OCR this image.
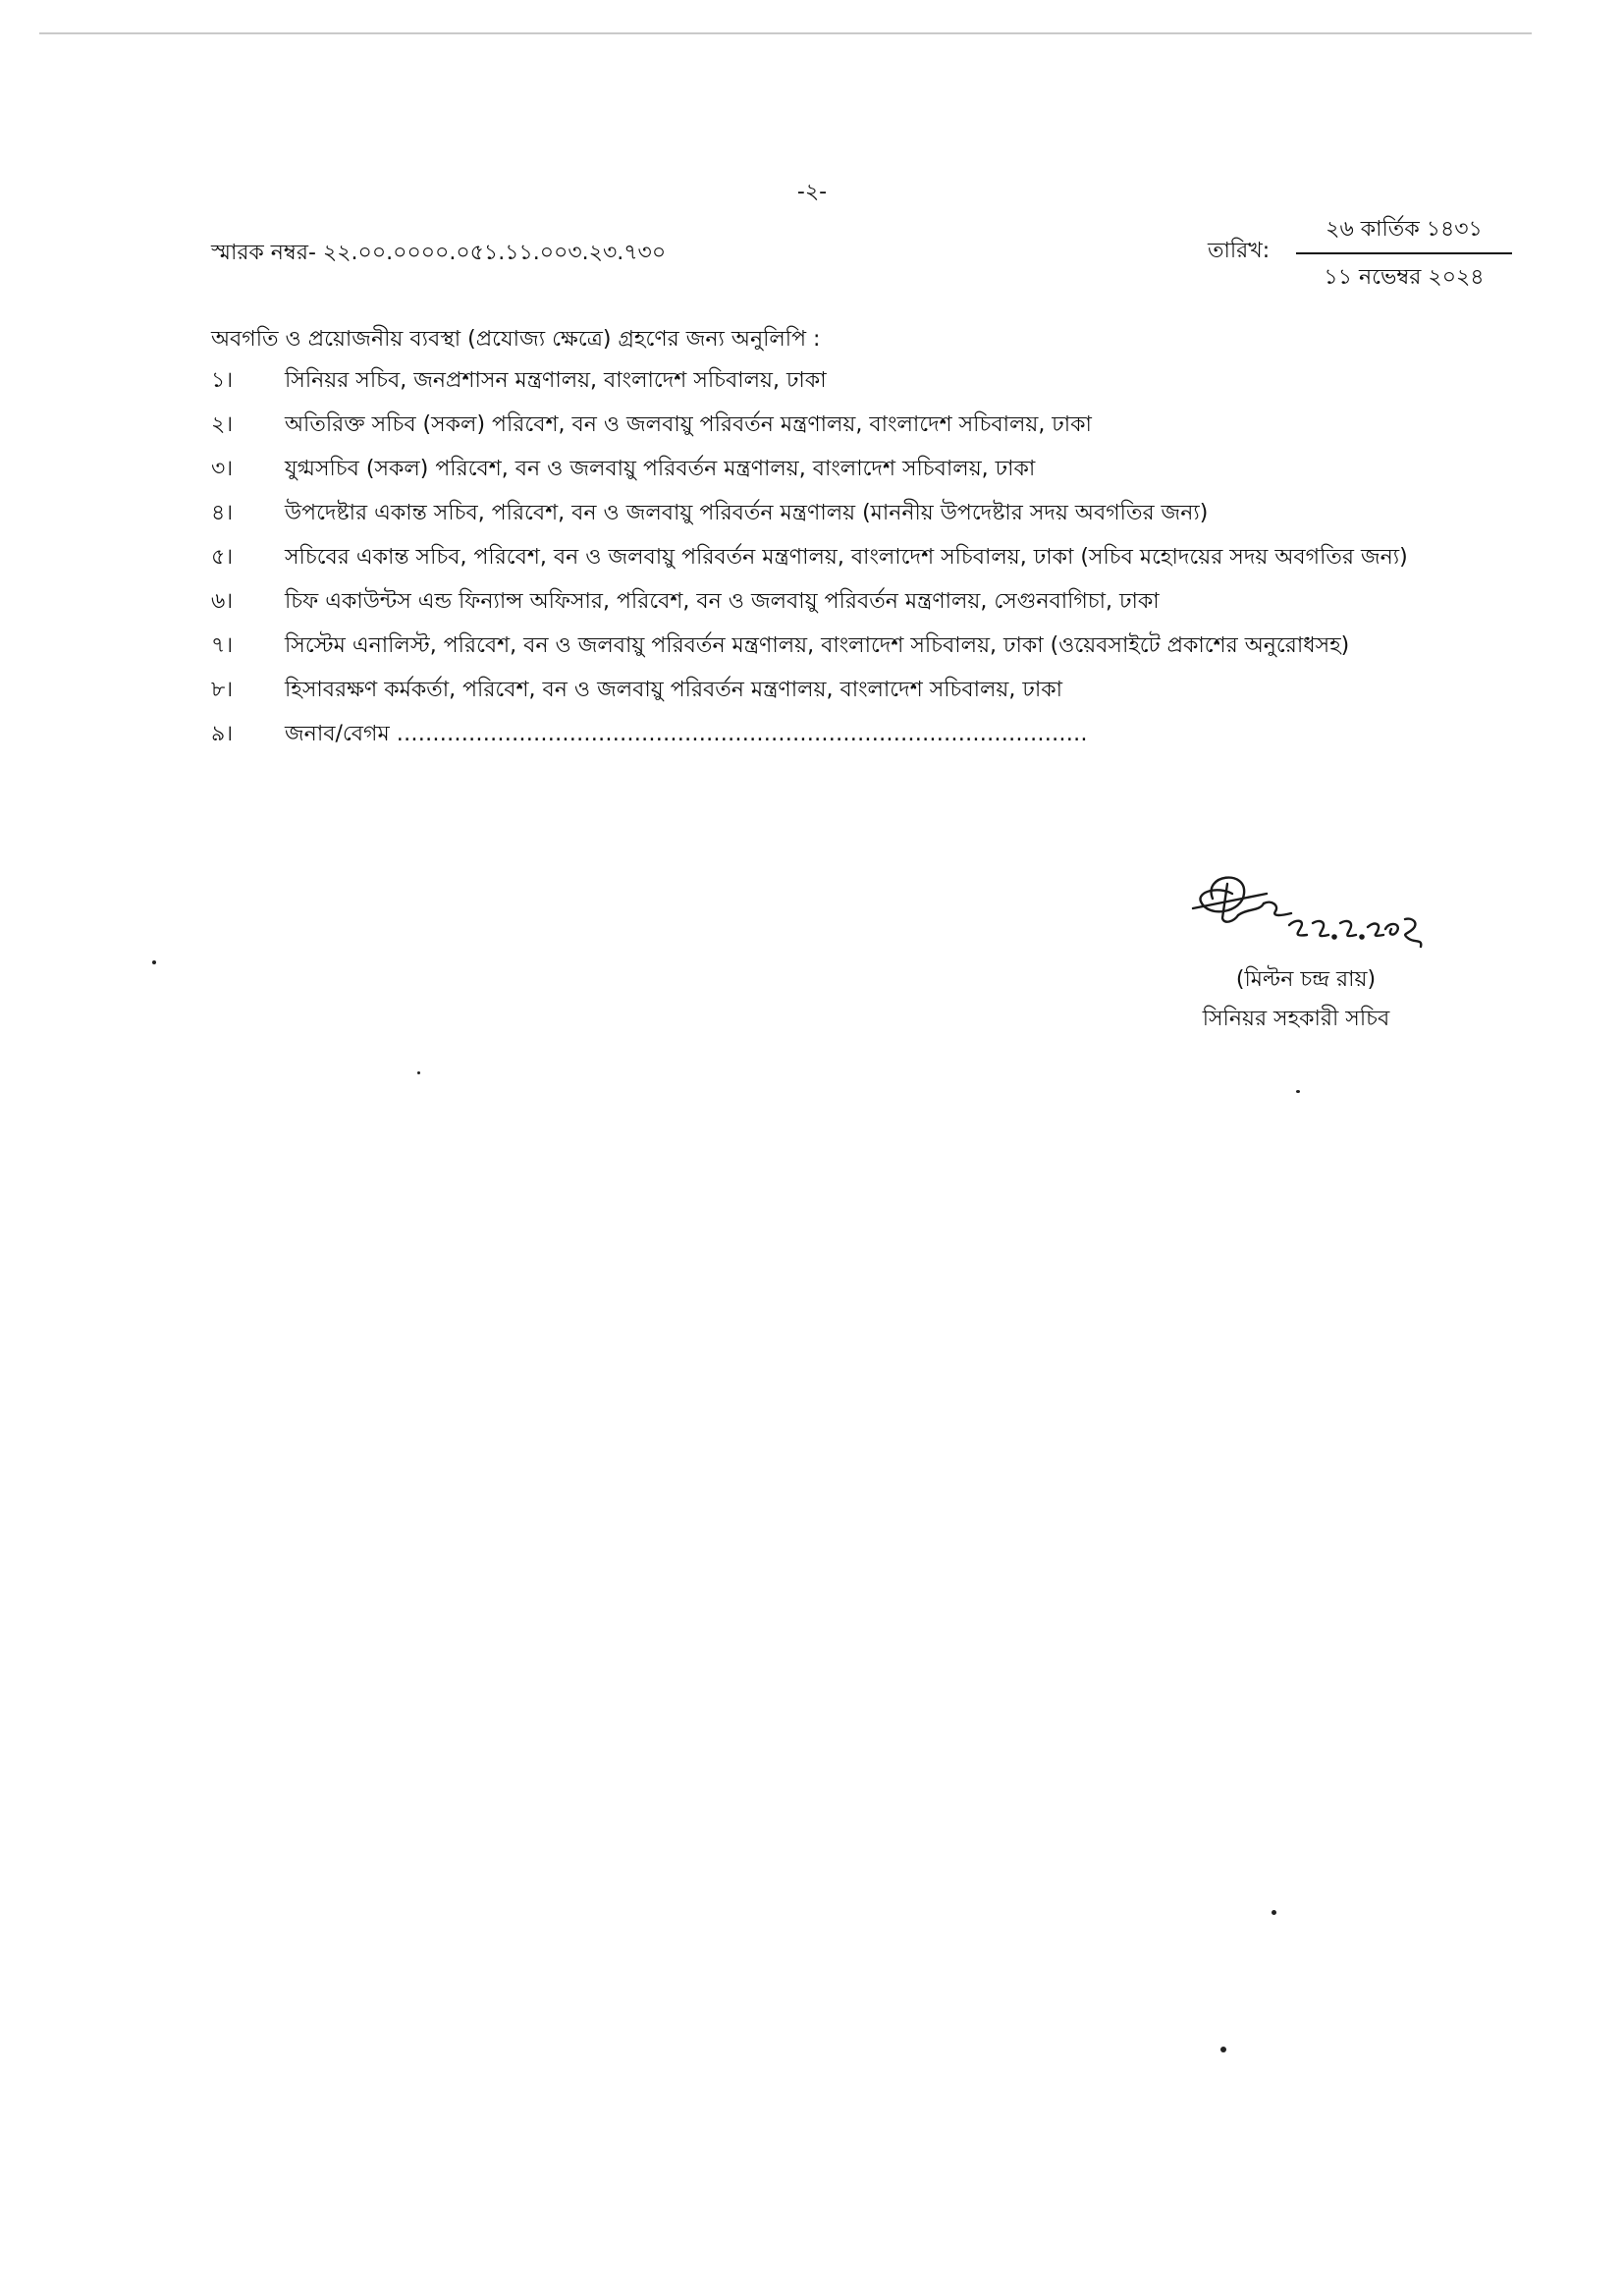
-২-
স্মারক নম্বর- ২২.০০.০০০০.০৫১.১১.০০৩.২৩.৭৩০	তারিখ:
২৬ কার্তিক ১৪৩১
১১ নভেম্বর ২০২৪
অবগতি ও প্রয়োজনীয় ব্যবস্থা (প্রযোজ্য ক্ষেত্রে) গ্রহণের জন্য অনুলিপি :
১।	সিনিয়র সচিব, জনপ্রশাসন মন্ত্রণালয়, বাংলাদেশ সচিবালয়, ঢাকা
২।	অতিরিক্ত সচিব (সকল) পরিবেশ, বন ও জলবায়ু পরিবর্তন মন্ত্রণালয়, বাংলাদেশ সচিবালয়, ঢাকা
৩।	যুগ্মসচিব (সকল) পরিবেশ, বন ও জলবায়ু পরিবর্তন মন্ত্রণালয়, বাংলাদেশ সচিবালয়, ঢাকা
৪।	উপদেষ্টার একান্ত সচিব, পরিবেশ, বন ও জলবায়ু পরিবর্তন মন্ত্রণালয় (মাননীয় উপদেষ্টার সদয় অবগতির জন্য)
৫।	সচিবের একান্ত সচিব, পরিবেশ, বন ও জলবায়ু পরিবর্তন মন্ত্রণালয়, বাংলাদেশ সচিবালয়, ঢাকা (সচিব মহোদয়ের সদয় অবগতির জন্য)
৬।	চিফ একাউন্টস এন্ড ফিন্যান্স অফিসার, পরিবেশ, বন ও জলবায়ু পরিবর্তন মন্ত্রণালয়, সেগুনবাগিচা, ঢাকা
৭।	সিস্টেম এনালিস্ট, পরিবেশ, বন ও জলবায়ু পরিবর্তন মন্ত্রণালয়, বাংলাদেশ সচিবালয়, ঢাকা (ওয়েবসাইটে প্রকাশের অনুরোধসহ)
৮।	হিসাবরক্ষণ কর্মকর্তা, পরিবেশ, বন ও জলবায়ু পরিবর্তন মন্ত্রণালয়, বাংলাদেশ সচিবালয়, ঢাকা
৯।	জনাব/বেগম ……………………………………………………………………………………
(মিল্টন চন্দ্র রায়)
সিনিয়র সহকারী সচিব
